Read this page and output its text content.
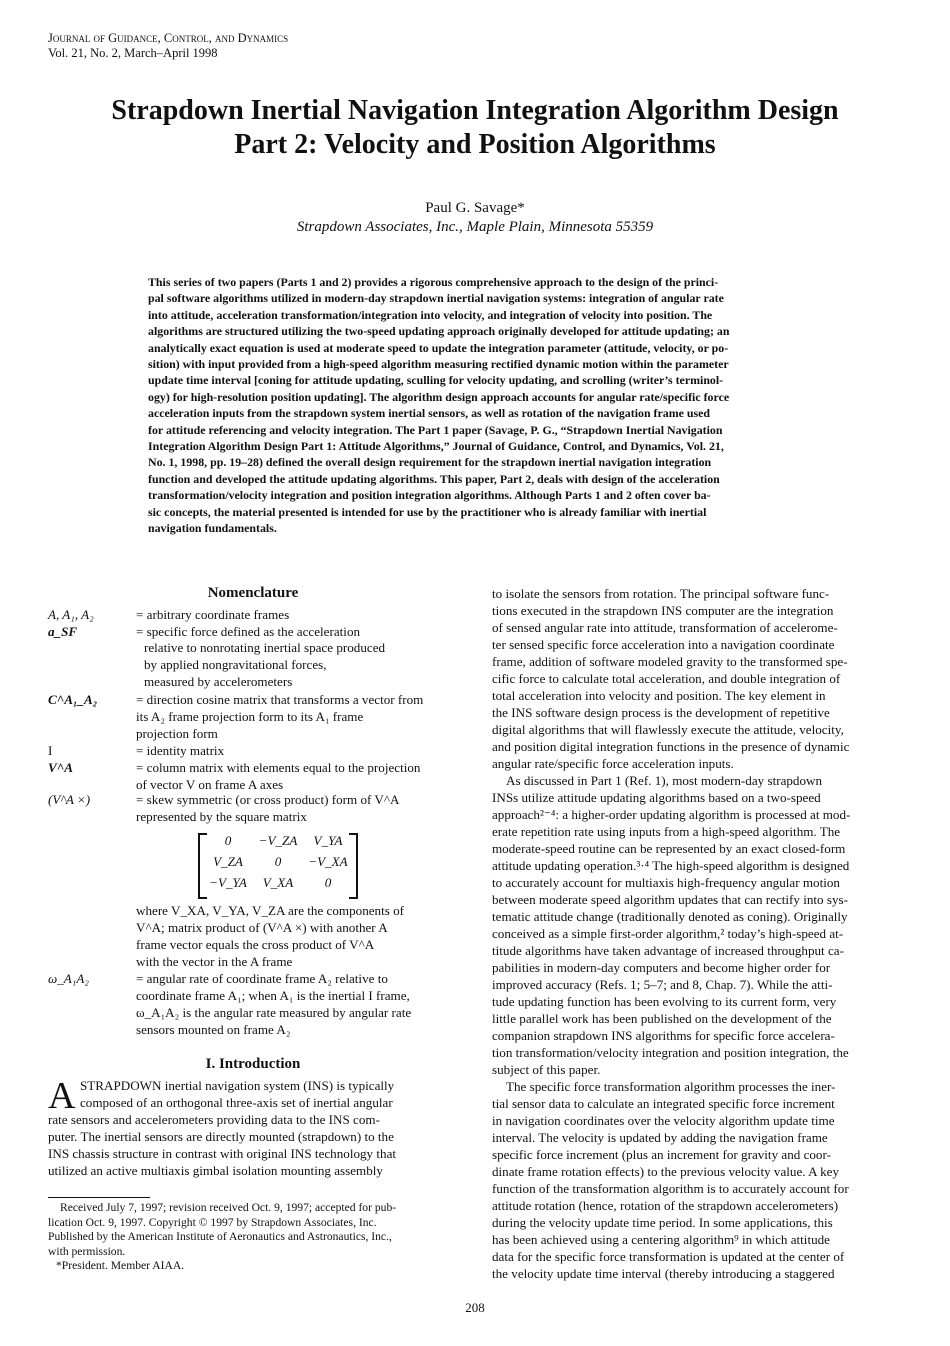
Journal of Guidance, Control, and Dynamics
Vol. 21, No. 2, March–April 1998
Strapdown Inertial Navigation Integration Algorithm Design
Part 2: Velocity and Position Algorithms
Paul G. Savage*
Strapdown Associates, Inc., Maple Plain, Minnesota 55359
This series of two papers (Parts 1 and 2) provides a rigorous comprehensive approach to the design of the princi-
pal software algorithms utilized in modern-day strapdown inertial navigation systems: integration of angular rate
into attitude, acceleration transformation/integration into velocity, and integration of velocity into position. The
algorithms are structured utilizing the two-speed updating approach originally developed for attitude updating; an
analytically exact equation is used at moderate speed to update the integration parameter (attitude, velocity, or po-
sition) with input provided from a high-speed algorithm measuring rectified dynamic motion within the parameter
update time interval [coning for attitude updating, sculling for velocity updating, and scrolling (writer’s terminol-
ogy) for high-resolution position updating]. The algorithm design approach accounts for angular rate/specific force
acceleration inputs from the strapdown system inertial sensors, as well as rotation of the navigation frame used
for attitude referencing and velocity integration. The Part 1 paper (Savage, P. G., “Strapdown Inertial Navigation
Integration Algorithm Design Part 1: Attitude Algorithms,” Journal of Guidance, Control, and Dynamics, Vol. 21,
No. 1, 1998, pp. 19–28) defined the overall design requirement for the strapdown inertial navigation integration
function and developed the attitude updating algorithms. This paper, Part 2, deals with design of the acceleration
transformation/velocity integration and position integration algorithms. Although Parts 1 and 2 often cover ba-
sic concepts, the material presented is intended for use by the practitioner who is already familiar with inertial
navigation fundamentals.
Nomenclature
A, A₁, A₂	= arbitrary coordinate frames
a_SF	= specific force defined as the acceleration
relative to nonrotating inertial space produced
by applied nongravitational forces,
measured by accelerometers
C^A₁_A₂	= direction cosine matrix that transforms a vector from
its A₂ frame projection form to its A₁ frame
projection form
I	= identity matrix
V^A	= column matrix with elements equal to the projection
of vector V on frame A axes
(V^A ×)	= skew symmetric (or cross product) form of V^A
represented by the square matrix
0	−V_ZA	V_YA
V_ZA	0	−V_XA
−V_YA	V_XA	0
where V_XA, V_YA, V_ZA are the components of
V^A; matrix product of (V^A ×) with another A
frame vector equals the cross product of V^A
with the vector in the A frame
ω_A₁A₂	= angular rate of coordinate frame A₂ relative to
coordinate frame A₁; when A₁ is the inertial I frame,
ω_A₁A₂ is the angular rate measured by angular rate
sensors mounted on frame A₂
I. Introduction
A STRAPDOWN inertial navigation system (INS) is typically
composed of an orthogonal three-axis set of inertial angular
rate sensors and accelerometers providing data to the INS com-
puter. The inertial sensors are directly mounted (strapdown) to the
INS chassis structure in contrast with original INS technology that
utilized an active multiaxis gimbal isolation mounting assembly
Received July 7, 1997; revision received Oct. 9, 1997; accepted for pub-
lication Oct. 9, 1997. Copyright © 1997 by Strapdown Associates, Inc.
Published by the American Institute of Aeronautics and Astronautics, Inc.,
with permission.
*President. Member AIAA.
to isolate the sensors from rotation. The principal software func-
tions executed in the strapdown INS computer are the integration
of sensed angular rate into attitude, transformation of accelerome-
ter sensed specific force acceleration into a navigation coordinate
frame, addition of software modeled gravity to the transformed spe-
cific force to calculate total acceleration, and double integration of
total acceleration into velocity and position. The key element in
the INS software design process is the development of repetitive
digital algorithms that will flawlessly execute the attitude, velocity,
and position digital integration functions in the presence of dynamic
angular rate/specific force acceleration inputs.
As discussed in Part 1 (Ref. 1), most modern-day strapdown
INSs utilize attitude updating algorithms based on a two-speed
approach²⁻⁴: a higher-order updating algorithm is processed at mod-
erate repetition rate using inputs from a high-speed algorithm. The
moderate-speed routine can be represented by an exact closed-form
attitude updating operation.³·⁴ The high-speed algorithm is designed
to accurately account for multiaxis high-frequency angular motion
between moderate speed algorithm updates that can rectify into sys-
tematic attitude change (traditionally denoted as coning). Originally
conceived as a simple first-order algorithm,² today’s high-speed at-
titude algorithms have taken advantage of increased throughput ca-
pabilities in modern-day computers and become higher order for
improved accuracy (Refs. 1; 5–7; and 8, Chap. 7). While the atti-
tude updating function has been evolving to its current form, very
little parallel work has been published on the development of the
companion strapdown INS algorithms for specific force accelera-
tion transformation/velocity integration and position integration, the
subject of this paper.
The specific force transformation algorithm processes the iner-
tial sensor data to calculate an integrated specific force increment
in navigation coordinates over the velocity algorithm update time
interval. The velocity is updated by adding the navigation frame
specific force increment (plus an increment for gravity and coor-
dinate frame rotation effects) to the previous velocity value. A key
function of the transformation algorithm is to accurately account for
attitude rotation (hence, rotation of the strapdown accelerometers)
during the velocity update time period. In some applications, this
has been achieved using a centering algorithm⁹ in which attitude
data for the specific force transformation is updated at the center of
the velocity update time interval (thereby introducing a staggered
208
